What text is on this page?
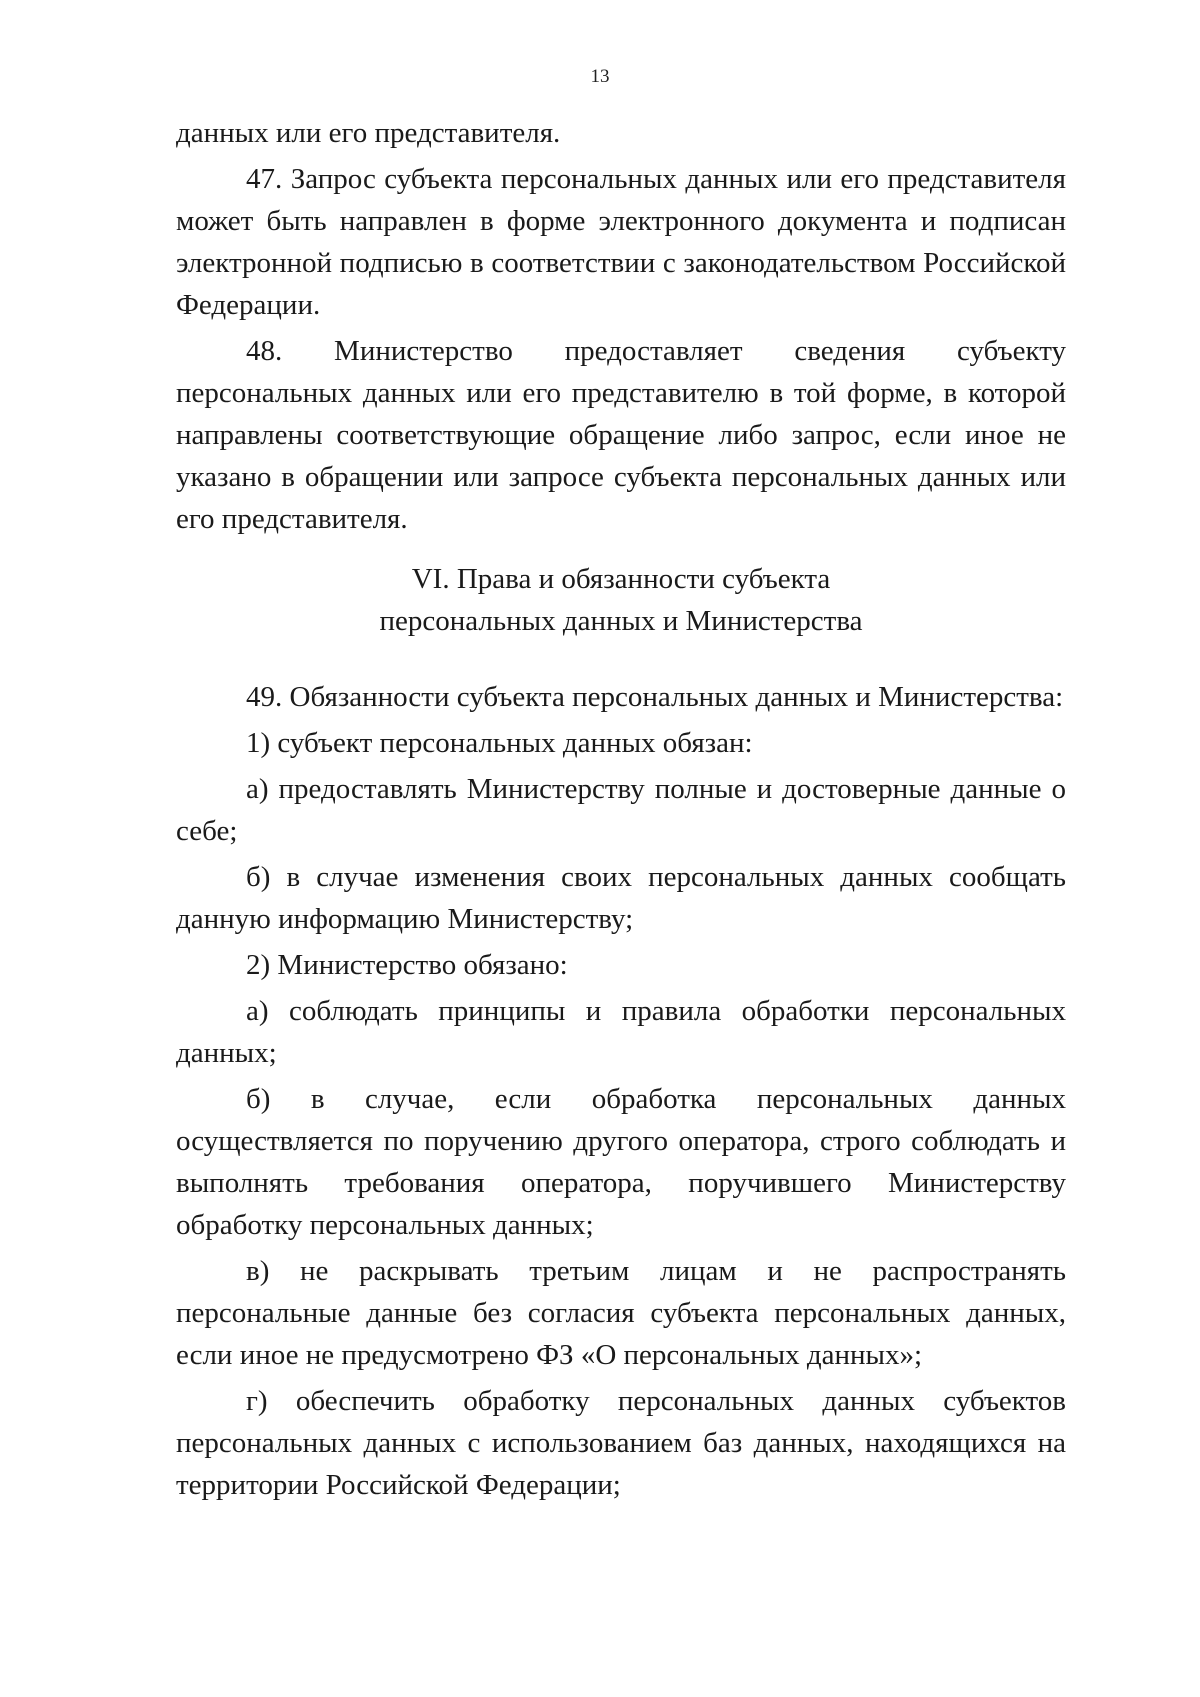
13

данных или его представителя.

47. Запрос субъекта персональных данных или его представителя может быть направлен в форме электронного документа и подписан электронной подписью в соответствии с законодательством Российской Федерации.

48. Министерство предоставляет сведения субъекту персональных данных или его представителю в той форме, в которой направлены соответствующие обращение либо запрос, если иное не указано в обращении или запросе субъекта персональных данных или его представителя.

VI. Права и обязанности субъекта
персональных данных и Министерства

49. Обязанности субъекта персональных данных и Министерства:

1) субъект персональных данных обязан:

а) предоставлять Министерству полные и достоверные данные о себе;

б) в случае изменения своих персональных данных сообщать данную информацию Министерству;

2) Министерство обязано:

а) соблюдать принципы и правила обработки персональных данных;

б) в случае, если обработка персональных данных осуществляется по поручению другого оператора, строго соблюдать и выполнять требования оператора, поручившего Министерству обработку персональных данных;

в) не раскрывать третьим лицам и не распространять персональные данные без согласия субъекта персональных данных, если иное не предусмотрено ФЗ «О персональных данных»;

г) обеспечить обработку персональных данных субъектов персональных данных с использованием баз данных, находящихся на территории Российской Федерации;
